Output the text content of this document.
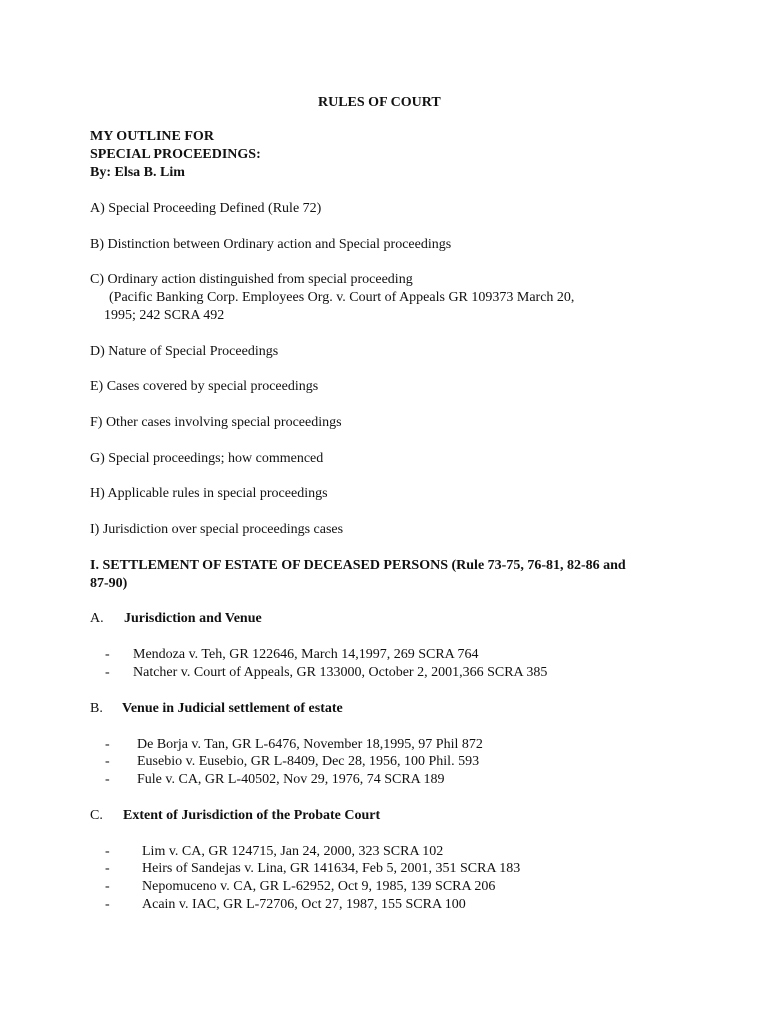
RULES OF COURT
MY OUTLINE FOR
SPECIAL PROCEEDINGS:
By: Elsa B. Lim
A) Special Proceeding Defined (Rule 72)
B) Distinction between Ordinary action and Special proceedings
C) Ordinary action distinguished from special proceeding
(Pacific Banking Corp. Employees Org. v. Court of Appeals GR 109373 March 20,
1995; 242 SCRA 492
D) Nature of Special Proceedings
E) Cases covered by special proceedings
F) Other cases involving special proceedings
G) Special proceedings; how commenced
H) Applicable rules in special proceedings
I) Jurisdiction over special proceedings cases
I. SETTLEMENT OF ESTATE OF DECEASED PERSONS (Rule 73-75, 76-81, 82-86 and
87-90)
A. Jurisdiction and Venue
- Mendoza v. Teh, GR 122646, March 14,1997, 269 SCRA 764
- Natcher v. Court of Appeals, GR 133000, October 2, 2001,366 SCRA 385
B. Venue in Judicial settlement of estate
- De Borja v. Tan, GR L-6476, November 18,1995, 97 Phil 872
- Eusebio v. Eusebio, GR L-8409, Dec 28, 1956, 100 Phil. 593
- Fule v. CA, GR L-40502, Nov 29, 1976, 74 SCRA 189
C. Extent of Jurisdiction of the Probate Court
- Lim v. CA, GR 124715, Jan 24, 2000, 323 SCRA 102
- Heirs of Sandejas v. Lina, GR 141634, Feb 5, 2001, 351 SCRA 183
- Nepomuceno v. CA, GR L-62952, Oct 9, 1985, 139 SCRA 206
- Acain v. IAC, GR L-72706, Oct 27, 1987, 155 SCRA 100
